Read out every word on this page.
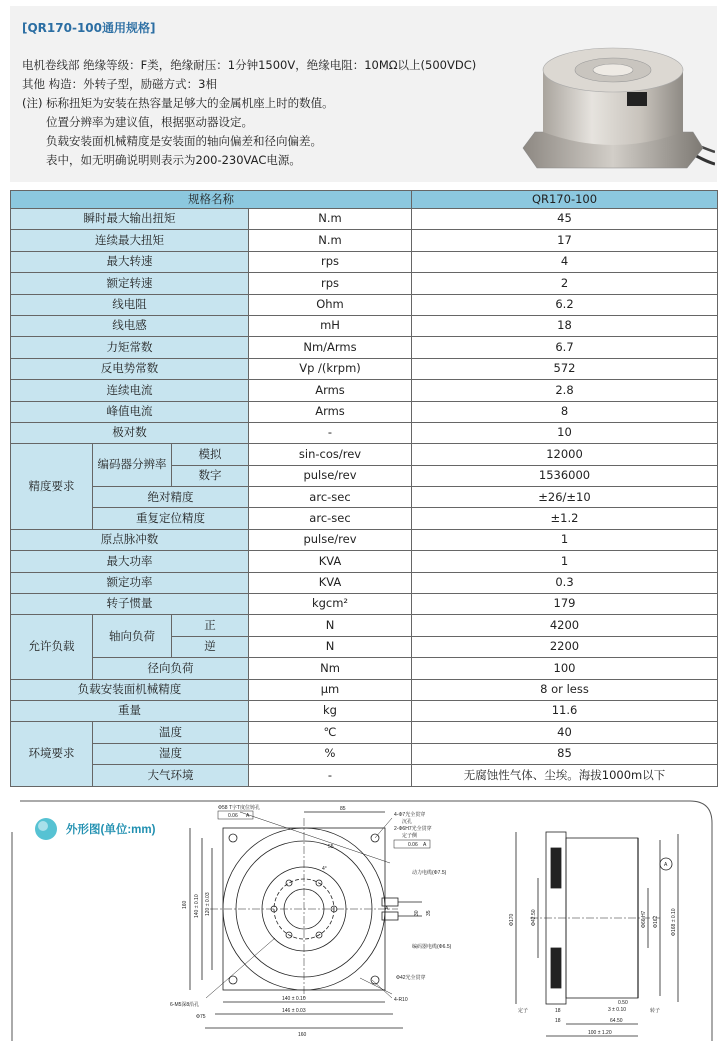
[QR170-100通用规格]
电机卷线部 绝缘等级：F类，绝缘耐压：1分钟1500V，绝缘电阻：10MΩ以上(500VDC)
其他 构造：外转子型，励磁方式：3相
(注) 标称扭矩为安装在热容量足够大的金属机座上时的数值。
位置分辨率为建议值，根据驱动器设定。
负载安装面机械精度是安装面的轴向偏差和径向偏差。
表中，如无明确说明则表示为200-230VAC电源。
规格名称				QR170-100
瞬时最大输出扭矩			N.m	45
连续最大扭矩			N.m	17
最大转速			rps	4
额定转速			rps	2
线电阻			Ohm	6.2
线电感			mH	18
力矩常数			Nm/Arms	6.7
反电势常数			Vp /(krpm)	572
连续电流			Arms	2.8
峰值电流			Arms	8
极对数			-	10
精度要求	编码器分辨率	模拟	sin-cos/rev	12000
		数字	pulse/rev	1536000
	绝对精度		arc-sec	±26/±10
	重复定位精度		arc-sec	±1.2
原点脉冲数			pulse/rev	1
最大功率			KVA	1
额定功率			KVA	0.3
转子惯量			kgcm²	179
允许负载	轴向负荷	正	N	4200
		逆	N	2200
	径向负荷		Nm	100
负载安装面机械精度			μm	8 or less
重量			kg	11.6
环境要求	温度		℃	40
	湿度		%	85
	大气环境		-	无腐蚀性气体、尘埃。海拔1000m以下
外形图(单位:mm)
85
140 ± 0.10
146 ± 0.03
160
160 140 ± 0.10 120 ± 0.03
Φ58 T字T度位铸孔
0.06 A	4-Φ7光全贯穿
沉孔
2-Φ6H7光全贯穿
定子侧
0.06 A
动力电缆(Φ7.5)
编码器电缆(Φ6.5)
Φ42光全贯穿
4-R10
6-M5深8沿孔
Φ75
55
4°
30 35
A
Φ170	Φ42.50	Φ66 H7 Φ162 Φ168 ± 0.10
0.50
3 ± 0.10
64.50
100 ± 1.20
18
18
定子	转子
A
